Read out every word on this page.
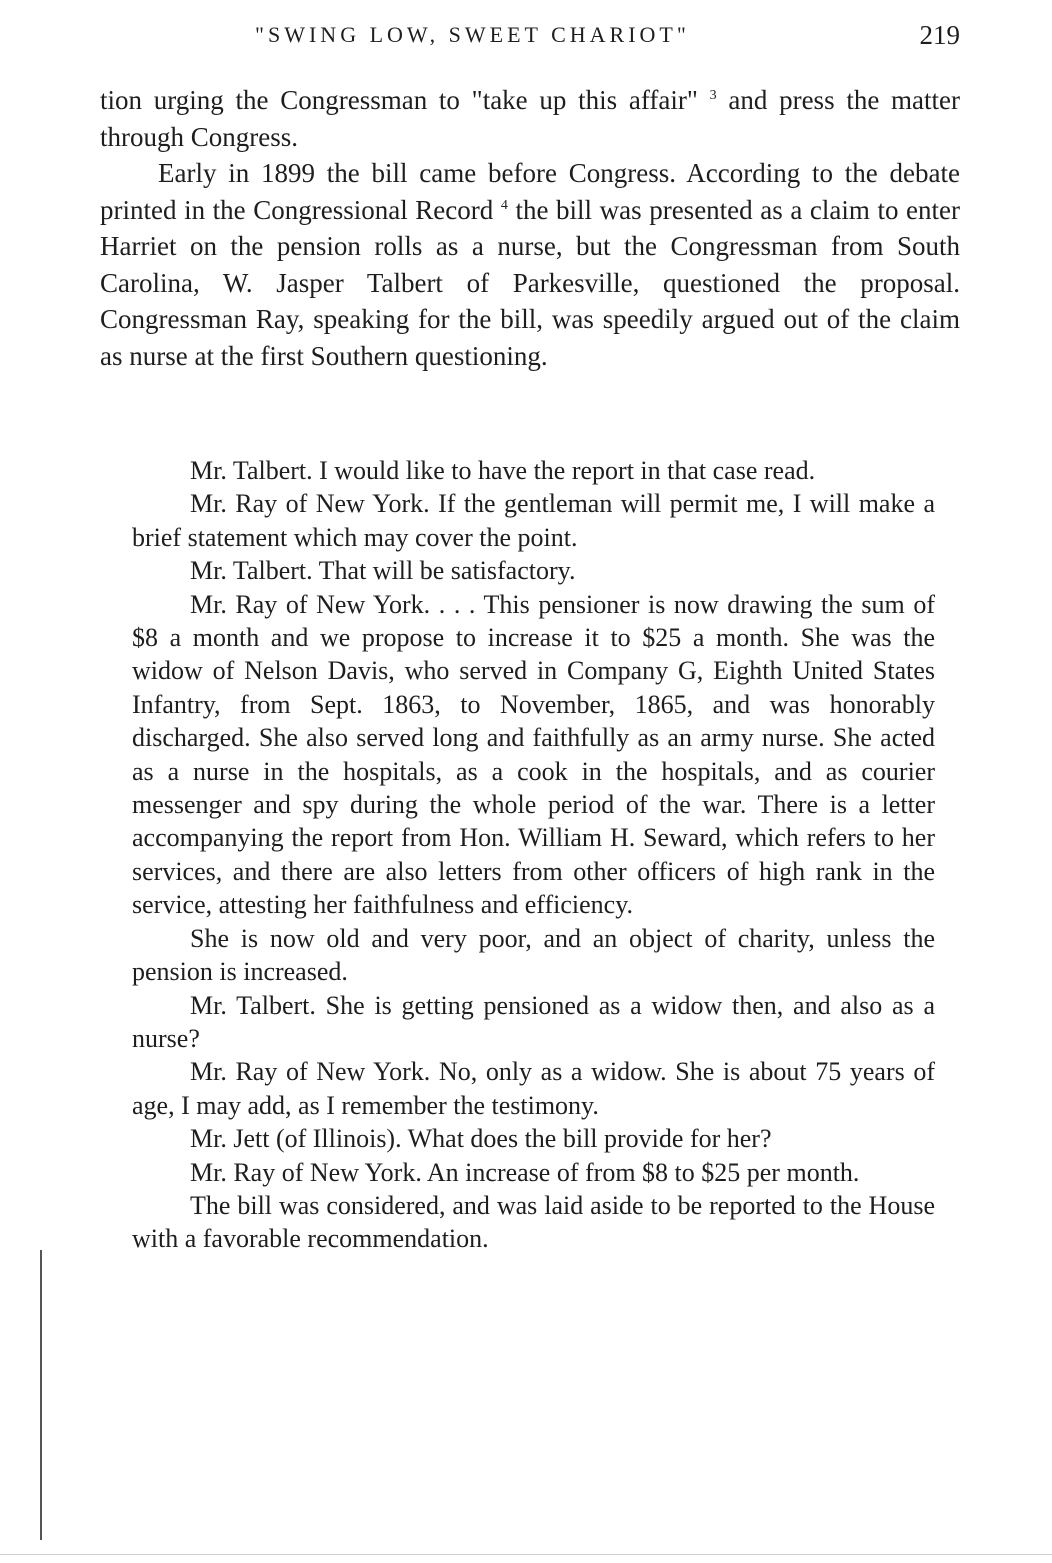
"SWING LOW, SWEET CHARIOT"	219

tion urging the Congressman to "take up this affair" $^3$ and press the matter through Congress.

Early in 1899 the bill came before Congress. According to the debate printed in the Congressional Record $^4$ the bill was presented as a claim to enter Harriet on the pension rolls as a nurse, but the Congressman from South Carolina, W. Jasper Talbert of Parkesville, questioned the proposal. Congressman Ray, speaking for the bill, was speedily argued out of the claim as nurse at the first Southern questioning.

Mr. Talbert. I would like to have the report in that case read.

Mr. Ray of New York. If the gentleman will permit me, I will make a brief statement which may cover the point.

Mr. Talbert. That will be satisfactory.

Mr. Ray of New York. . . . This pensioner is now drawing the sum of $8 a month and we propose to increase it to $25 a month. She was the widow of Nelson Davis, who served in Company G, Eighth United States Infantry, from Sept. 1863, to November, 1865, and was honorably discharged. She also served long and faithfully as an army nurse. She acted as a nurse in the hospitals, as a cook in the hospitals, and as courier messenger and spy during the whole period of the war. There is a letter accompanying the report from Hon. William H. Seward, which refers to her services, and there are also letters from other officers of high rank in the service, attesting her faithfulness and efficiency.

She is now old and very poor, and an object of charity, unless the pension is increased.

Mr. Talbert. She is getting pensioned as a widow then, and also as a nurse?

Mr. Ray of New York. No, only as a widow. She is about 75 years of age, I may add, as I remember the testimony.

Mr. Jett (of Illinois). What does the bill provide for her?

Mr. Ray of New York. An increase of from $8 to $25 per month.

The bill was considered, and was laid aside to be reported to the House with a favorable recommendation.
